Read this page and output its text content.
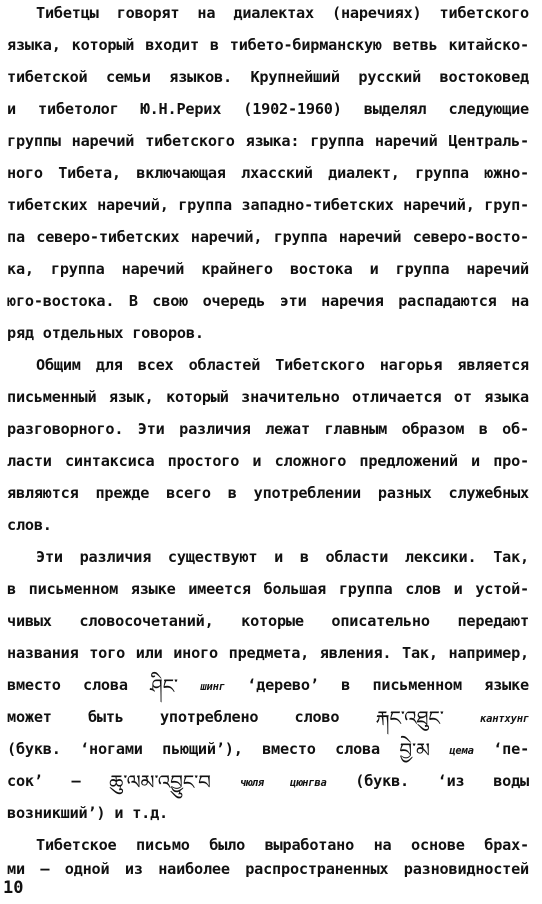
Тибетцы говорят на диалектах (наречиях) тибетского
языка, который входит в тибето-бирманскую ветвь китайско-
тибетской семьи языков. Крупнейший русский востоковед
и тибетолог Ю.Н.Рерих (1902-1960) выделял следующие
группы наречий тибетского языка: группа наречий Централь-
ного Тибета, включающая лхасский диалект, группа южно-
тибетских наречий, группа западно-тибетских наречий, груп-
па северо-тибетских наречий, группа наречий северо-восто-
ка, группа наречий крайнего востока и группа наречий
юго-востока. В свою очередь эти наречия распадаются на
ряд отдельных говоров.
Общим для всех областей Тибетского нагорья является
письменный язык, который значительно отличается от языка
разговорного. Эти различия лежат главным образом в об-
ласти синтаксиса простого и сложного предложений и про-
являются прежде всего в употреблении разных служебных
слов.
Эти различия существуют и в области лексики. Так,
в письменном языке имеется большая группа слов и устой-
чивых словосочетаний, которые описательно передают
названия того или иного предмета, явления. Так, например,
вместо слова ཤིང་ шинг ‘дерево’ в письменном языке
может быть употреблено слово རྐང་འཐུང་	кантхунг
(букв. ‘ногами пьющий’), вместо слова བྱེ་མ цема ‘пе-
сок’ – ཆུ་ལམ་འབྱུང་བ	чюля цюнгва (букв. ‘из воды
возникший’) и т.д.
Тибетское письмо было выработано на основе брах-
ми – одной из наиболее распространенных разновидностей
10
